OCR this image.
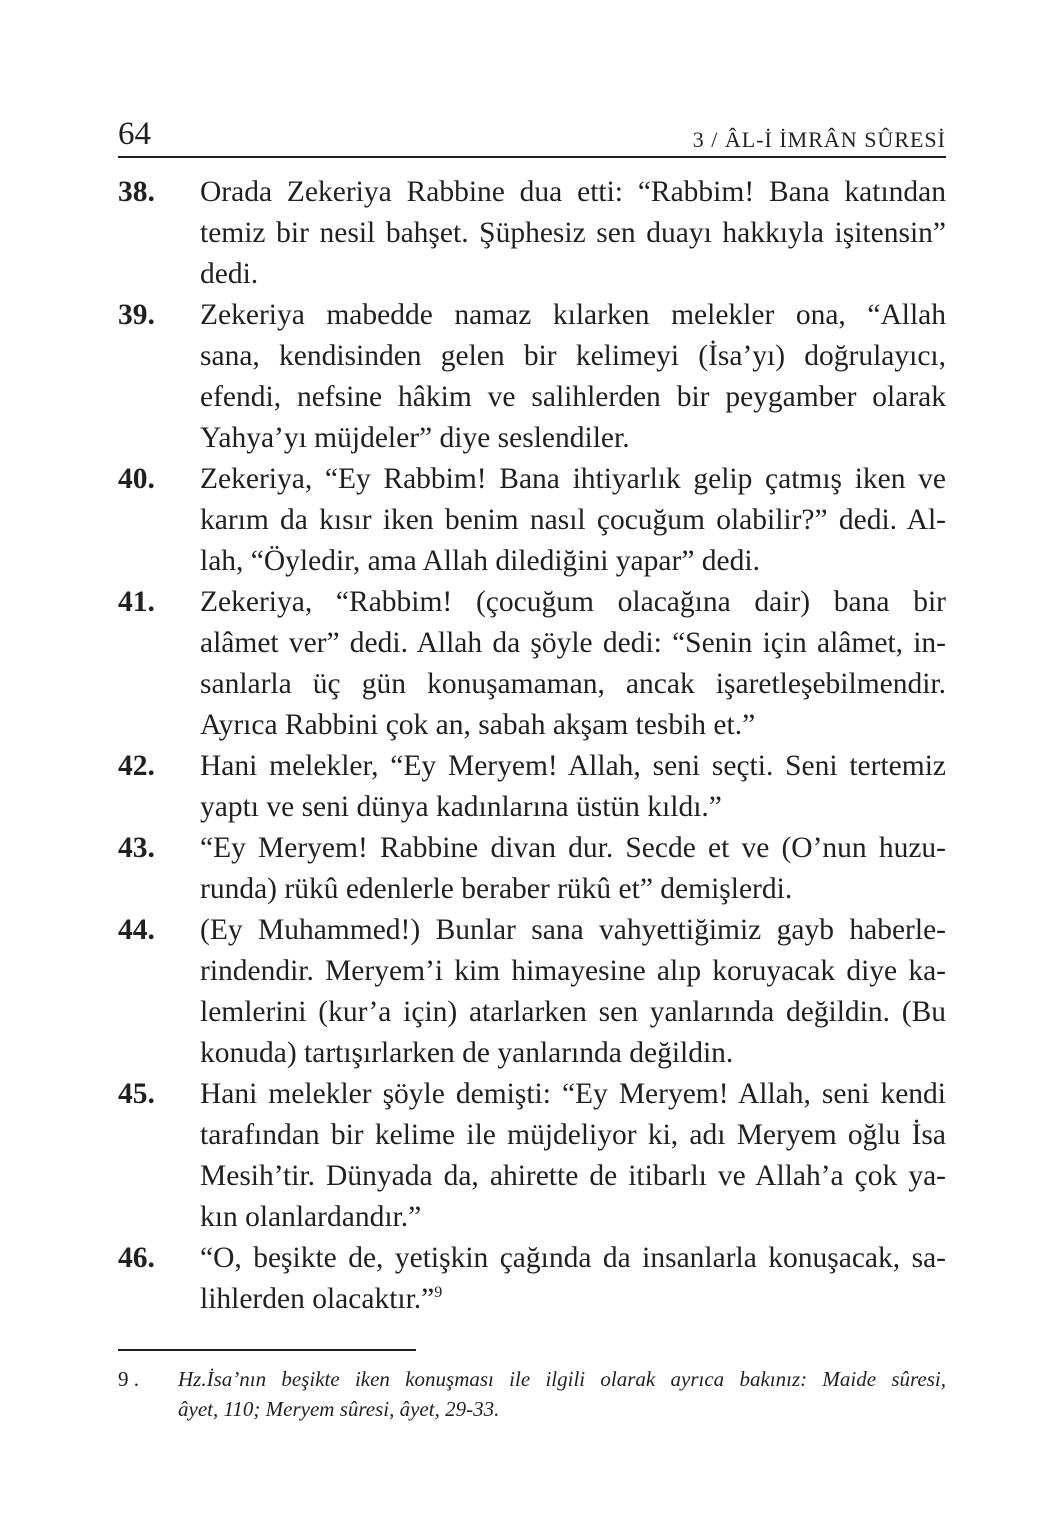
64	3 / ÂL-İ İMRÂN SÛRESİ
38. Orada Zekeriya Rabbine dua etti: “Rabbim! Bana katından
temiz bir nesil bahşet. Şüphesiz sen duayı hakkıyla işitensin”
dedi.
39. Zekeriya mabedde namaz kılarken melekler ona, “Allah
sana, kendisinden gelen bir kelimeyi (İsa’yı) doğrulayıcı,
efendi, nefsine hâkim ve salihlerden bir peygamber olarak
Yahya’yı müjdeler” diye seslendiler.
40. Zekeriya, “Ey Rabbim! Bana ihtiyarlık gelip çatmış iken ve
karım da kısır iken benim nasıl çocuğum olabilir?” dedi. Al-
lah, “Öyledir, ama Allah dilediğini yapar” dedi.
41. Zekeriya, “Rabbim! (çocuğum olacağına dair) bana bir
alâmet ver” dedi. Allah da şöyle dedi: “Senin için alâmet, in-
sanlarla üç gün konuşamaman, ancak işaretleşebilmendir.
Ayrıca Rabbini çok an, sabah akşam tesbih et.”
42. Hani melekler, “Ey Meryem! Allah, seni seçti. Seni tertemiz
yaptı ve seni dünya kadınlarına üstün kıldı.”
43. “Ey Meryem! Rabbine divan dur. Secde et ve (O’nun huzu-
runda) rükû edenlerle beraber rükû et” demişlerdi.
44. (Ey Muhammed!) Bunlar sana vahyettiğimiz gayb haberle-
rindendir. Meryem’i kim himayesine alıp koruyacak diye ka-
lemlerini (kur’a için) atarlarken sen yanlarında değildin. (Bu
konuda) tartışırlarken de yanlarında değildin.
45. Hani melekler şöyle demişti: “Ey Meryem! Allah, seni kendi
tarafından bir kelime ile müjdeliyor ki, adı Meryem oğlu İsa
Mesih’tir. Dünyada da, ahirette de itibarlı ve Allah’a çok ya-
kın olanlardandır.”
46. “O, beşikte de, yetişkin çağında da insanlarla konuşacak, sa-
lihlerden olacaktır.”$^9$
9 . Hz.İsa’nın beşikte iken konuşması ile ilgili olarak ayrıca bakınız: Maide sûresi,
âyet, 110; Meryem sûresi, âyet, 29-33.
